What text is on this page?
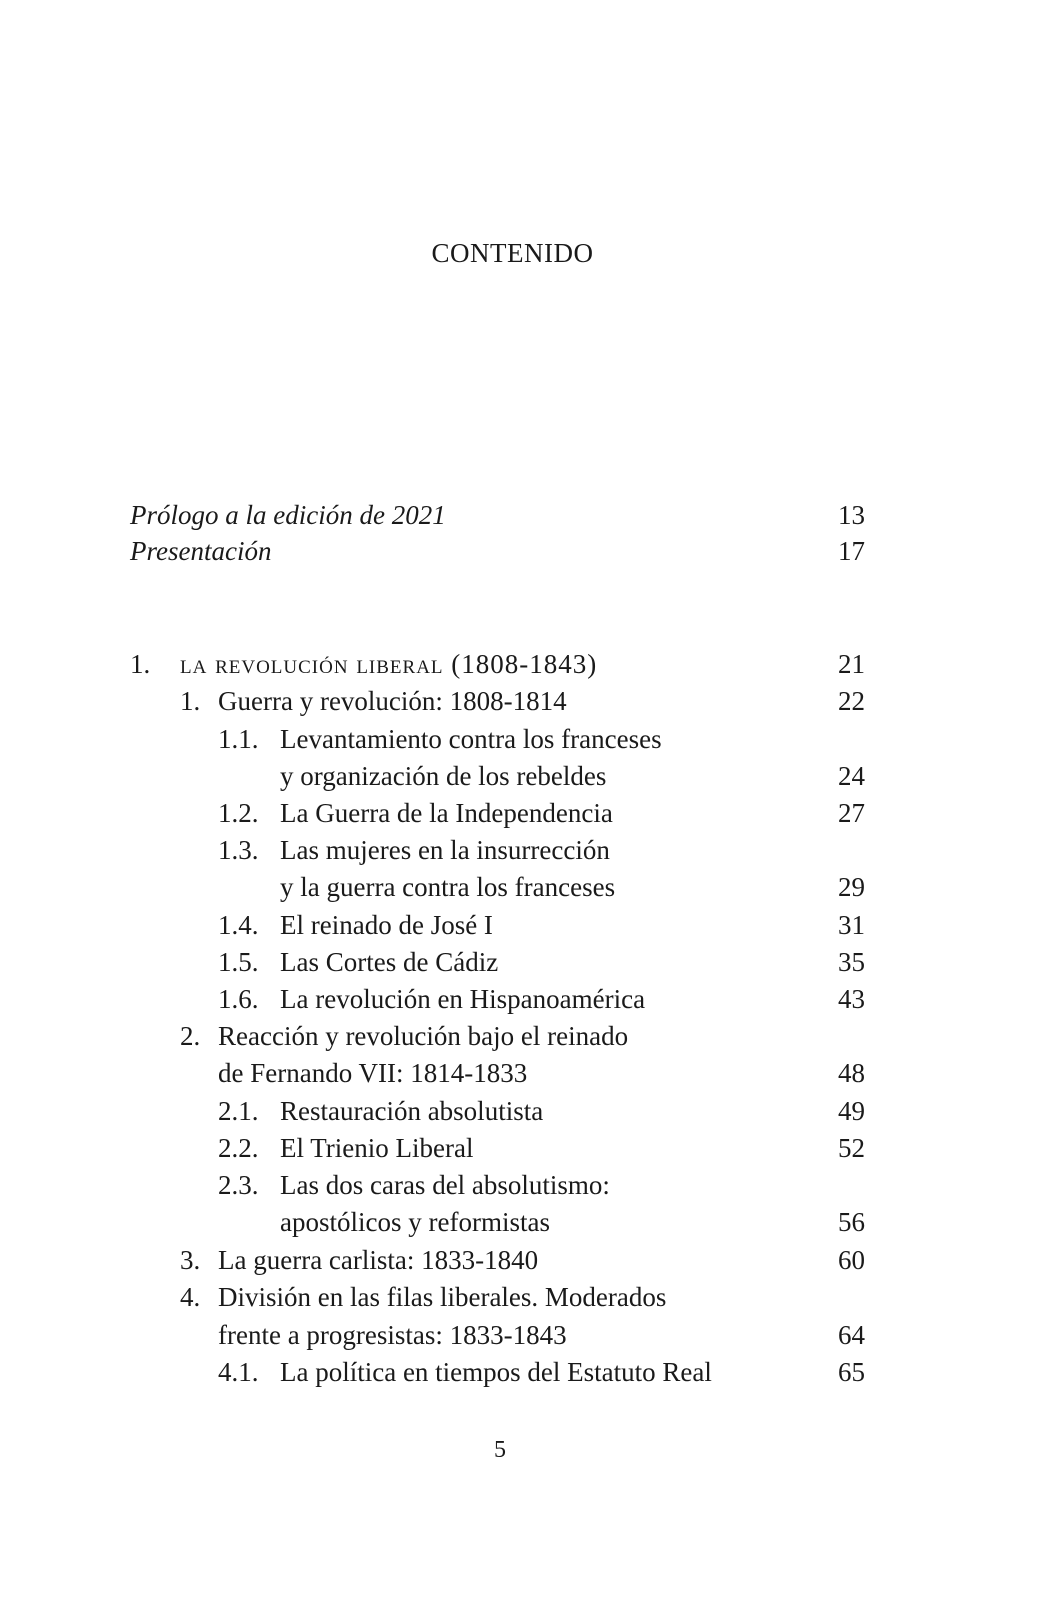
CONTENIDO
Prólogo a la edición de 2021	13
Presentación	17
1. la revolución liberal (1808-1843)	21
1. Guerra y revolución: 1808-1814	22
1.1. Levantamiento contra los franceses
y organización de los rebeldes	24
1.2. La Guerra de la Independencia	27
1.3. Las mujeres en la insurrección
y la guerra contra los franceses	29
1.4. El reinado de José I	31
1.5. Las Cortes de Cádiz	35
1.6. La revolución en Hispanoamérica	43
2. Reacción y revolución bajo el reinado
de Fernando VII: 1814-1833	48
2.1. Restauración absolutista	49
2.2. El Trienio Liberal	52
2.3. Las dos caras del absolutismo:
apostólicos y reformistas	56
3. La guerra carlista: 1833-1840	60
4. División en las filas liberales. Moderados
frente a progresistas: 1833-1843	64
4.1. La política en tiempos del Estatuto Real	65
5
